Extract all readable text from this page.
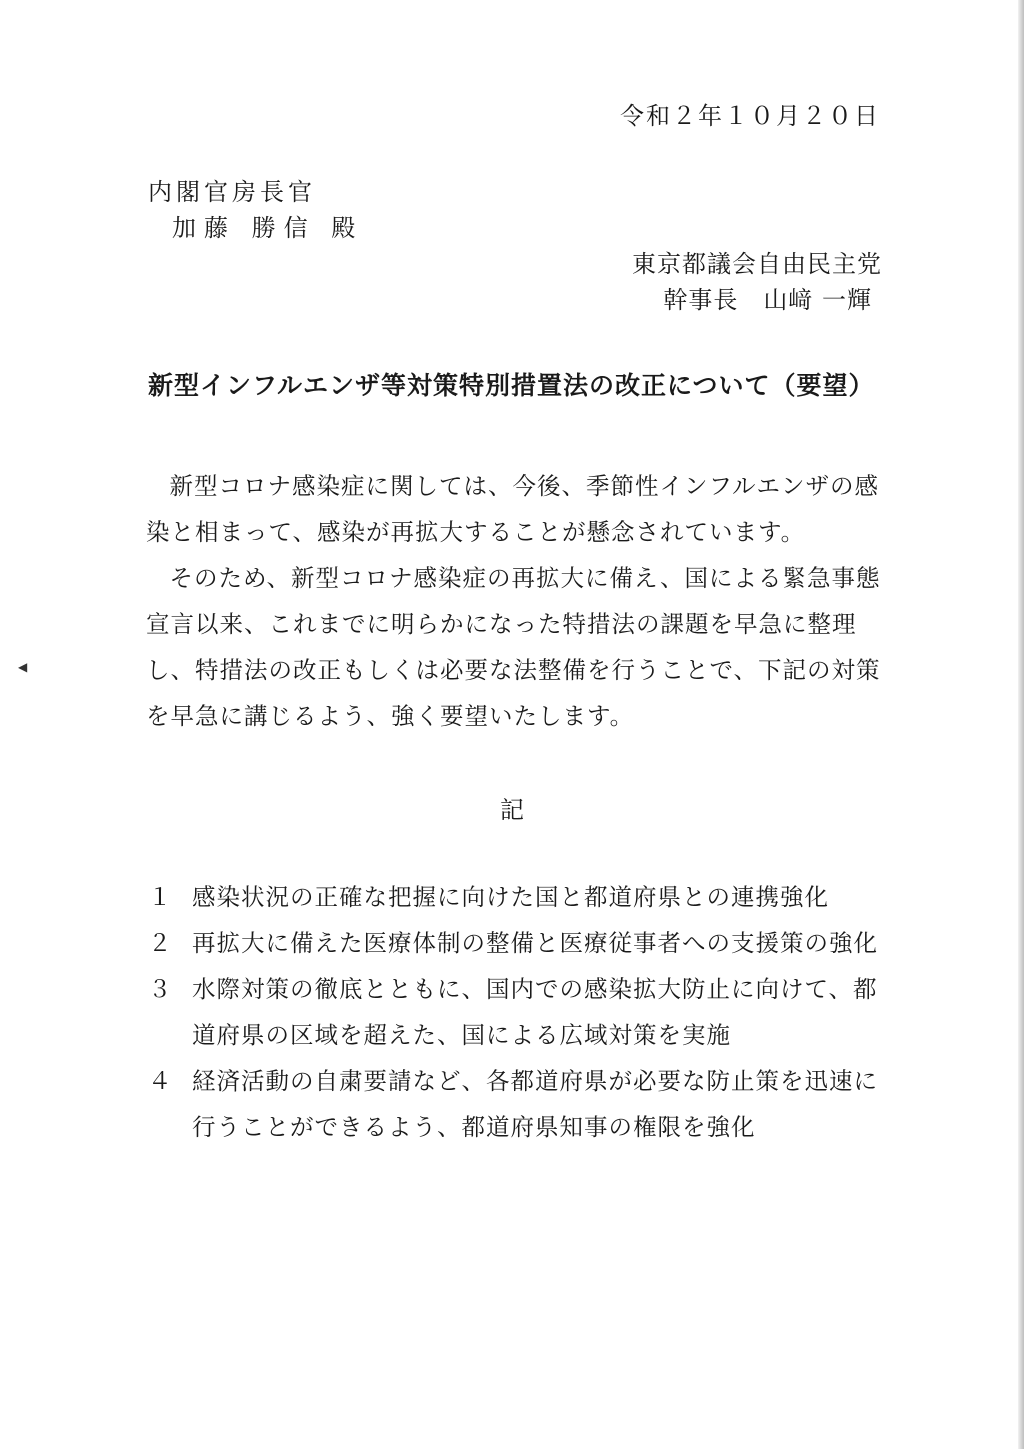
令和２年１０月２０日
内閣官房長官
加藤 勝信 殿
東京都議会自由民主党
幹事長　山﨑 一輝
新型インフルエンザ等対策特別措置法の改正について（要望）

新型コロナ感染症に関しては、今後、季節性インフルエンザの感染と相まって、感染が再拡大することが懸念されています。

そのため、新型コロナ感染症の再拡大に備え、国による緊急事態宣言以来、これまでに明らかになった特措法の課題を早急に整理し、特措法の改正もしくは必要な法整備を行うことで、下記の対策を早急に講じるよう、強く要望いたします。

◀
記
１ 感染状況の正確な把握に向けた国と都道府県との連携強化
２ 再拡大に備えた医療体制の整備と医療従事者への支援策の強化
３ 水際対策の徹底とともに、国内での感染拡大防止に向けて、都道府県の区域を超えた、国による広域対策を実施
４ 経済活動の自粛要請など、各都道府県が必要な防止策を迅速に行うことができるよう、都道府県知事の権限を強化
